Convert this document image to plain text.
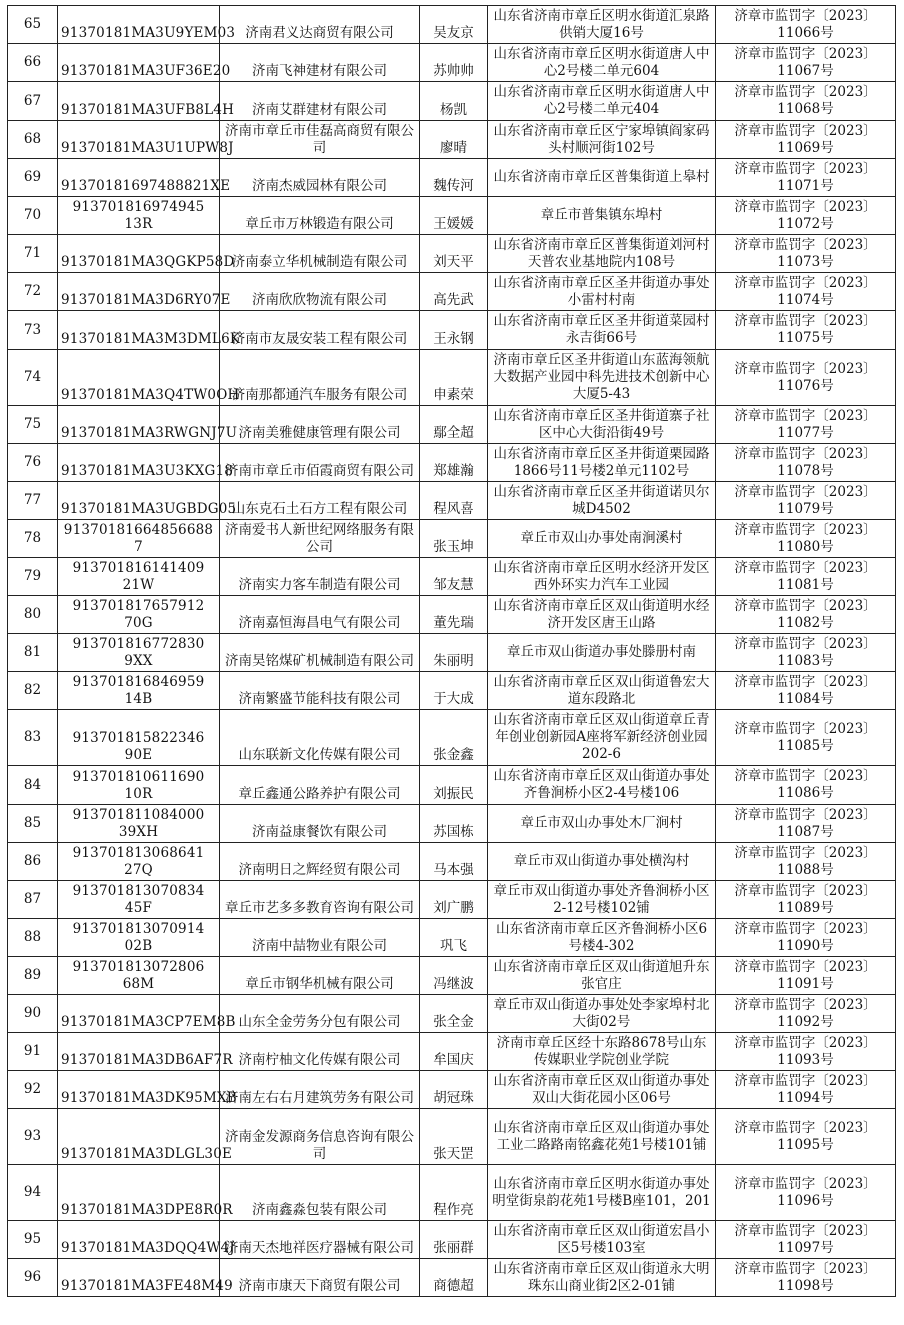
65	91370181MA3U9YEM03	济南君义达商贸有限公司	吴友京	山东省济南市章丘区明水街道汇泉路供销大厦16号	济章市监罚字〔2023〕11066号
66	91370181MA3UF36E20	济南飞神建材有限公司	苏帅帅	山东省济南市章丘区明水街道唐人中心2号楼二单元604	济章市监罚字〔2023〕11067号
67	91370181MA3UFB8L4H	济南艾群建材有限公司	杨凯	山东省济南市章丘区明水街道唐人中心2号楼二单元404	济章市监罚字〔2023〕11068号
68	91370181MA3U1UPW8J	济南市章丘市佳磊高商贸有限公司	廖晴	山东省济南市章丘区宁家埠镇阎家码头村顺河街102号	济章市监罚字〔2023〕11069号
69	91370181697488821XE	济南杰威园林有限公司	魏传河	山东省济南市章丘区普集街道上皋村	济章市监罚字〔2023〕11071号
70	913701816974945​13R	章丘市万林锻造有限公司	王媛媛	章丘市普集镇东埠村	济章市监罚字〔2023〕11072号
71	91370181MA3QGKP58D	济南泰立华机械制造有限公司	刘天平	山东省济南市章丘区普集街道刘河村天普农业基地院内108号	济章市监罚字〔2023〕11073号
72	91370181MA3D6RY07E	济南欣欣物流有限公司	高先武	山东省济南市章丘区圣井街道办事处小雷村村南	济章市监罚字〔2023〕11074号
73	91370181MA3M3DML6K	济南市友晟安装工程有限公司	王永钢	山东省济南市章丘区圣井街道菜园村永吉街66号	济章市监罚字〔2023〕11075号
74	91370181MA3Q4TW0OH	济南那都通汽车服务有限公司	申素荣	济南市章丘区圣井街道山东蓝海领航大数据产业园中科先进技术创新中心大厦5-43	济章市监罚字〔2023〕11076号
75	91370181MA3RWGNJ7U	济南美雅健康管理有限公司	鄢全超	山东省济南市章丘区圣井街道寨子社区中心大街沿街49号	济章市监罚字〔2023〕11077号
76	91370181MA3U3KXG18	济南市章丘市佰霞商贸有限公司	郑雄瀚	山东省济南市章丘区圣井街道栗园路1866号11号楼2单元1102号	济章市监罚字〔2023〕11078号
77	91370181MA3UGBDG05	山东克石土石方工程有限公司	程风喜	山东省济南市章丘区圣井街道诺贝尔城D4502	济章市监罚字〔2023〕11079号
78	91370181664856688​7	济南爱书人新世纪网络服务有限公司	张玉坤	章丘市双山办事处南涧溪村	济章市监罚字〔2023〕11080号
79	913701816141409​21W	济南实力客车制造有限公司	邹友慧	山东省济南市章丘区明水经济开发区西外环实力汽车工业园	济章市监罚字〔2023〕11081号
80	913701817657912​70G	济南嘉恒海昌电气有限公司	董先瑞	山东省济南市章丘区双山街道明水经济开发区唐王山路	济章市监罚字〔2023〕11082号
81	913701816772830​9XX	济南昊铭煤矿机械制造有限公司	朱丽明	章丘市双山街道办事处滕册村南	济章市监罚字〔2023〕11083号
82	913701816846959​14B	济南繁盛节能科技有限公司	于大成	山东省济南市章丘区双山街道鲁宏大道东段路北	济章市监罚字〔2023〕11084号
83	913701815822346​90E	山东联新文化传媒有限公司	张金鑫	山东省济南市章丘区双山街道章丘青年创业创新园A座将军新经济创业园202-6	济章市监罚字〔2023〕11085号
84	913701810611690​10R	章丘鑫通公路养护有限公司	刘振民	山东省济南市章丘区双山街道办事处齐鲁涧桥小区2-4号楼106	济章市监罚字〔2023〕11086号
85	913701811084000​39XH	济南益康餐饮有限公司	苏国栋	章丘市双山办事处木厂涧村	济章市监罚字〔2023〕11087号
86	913701813068641​27Q	济南明日之辉经贸有限公司	马本强	章丘市双山街道办事处横沟村	济章市监罚字〔2023〕11088号
87	913701813070834​45F	章丘市艺多多教育咨询有限公司	刘广鹏	章丘市双山街道办事处齐鲁涧桥小区2-12号楼102铺	济章市监罚字〔2023〕11089号
88	913701813070914​02B	济南中喆物业有限公司	巩飞	山东省济南市章丘区齐鲁涧桥小区6号楼4-302	济章市监罚字〔2023〕11090号
89	913701813072806​68M	章丘市钢华机械有限公司	冯继波	山东省济南市章丘区双山街道旭升东张官庄	济章市监罚字〔2023〕11091号
90	91370181MA3CP7EM8B	山东全金劳务分包有限公司	张全金	章丘市双山街道办事处处李家埠村北大街02号	济章市监罚字〔2023〕11092号
91	91370181MA3DB6AF7R	济南柠柚文化传媒有限公司	牟国庆	济南市章丘区经十东路8678号山东传媒职业学院创业学院	济章市监罚字〔2023〕11093号
92	91370181MA3DK95MXB	济南左右右月建筑劳务有限公司	胡冠珠	山东省济南市章丘区双山街道办事处双山大街花园小区06号	济章市监罚字〔2023〕11094号
93	91370181MA3DLGL30E	济南金发源商务信息咨询有限公司	张天罡	山东省济南市章丘区双山街道办事处工业二路路南铭鑫花苑1号楼101铺	济章市监罚字〔2023〕11095号
94	91370181MA3DPE8R0R	济南鑫淼包装有限公司	程作亮	山东省济南市章丘区明水街道办事处明堂街泉韵花苑1号楼B座101，201	济章市监罚字〔2023〕11096号
95	91370181MA3DQQ4W4J	济南天杰地祥医疗器械有限公司	张丽群	山东省济南市章丘区双山街道宏昌小区5号楼103室	济章市监罚字〔2023〕11097号
96	91370181MA3FE48M49	济南市康天下商贸有限公司	商德超	山东省济南市章丘区双山街道永大明珠东山商业街2区2-01铺	济章市监罚字〔2023〕11098号
